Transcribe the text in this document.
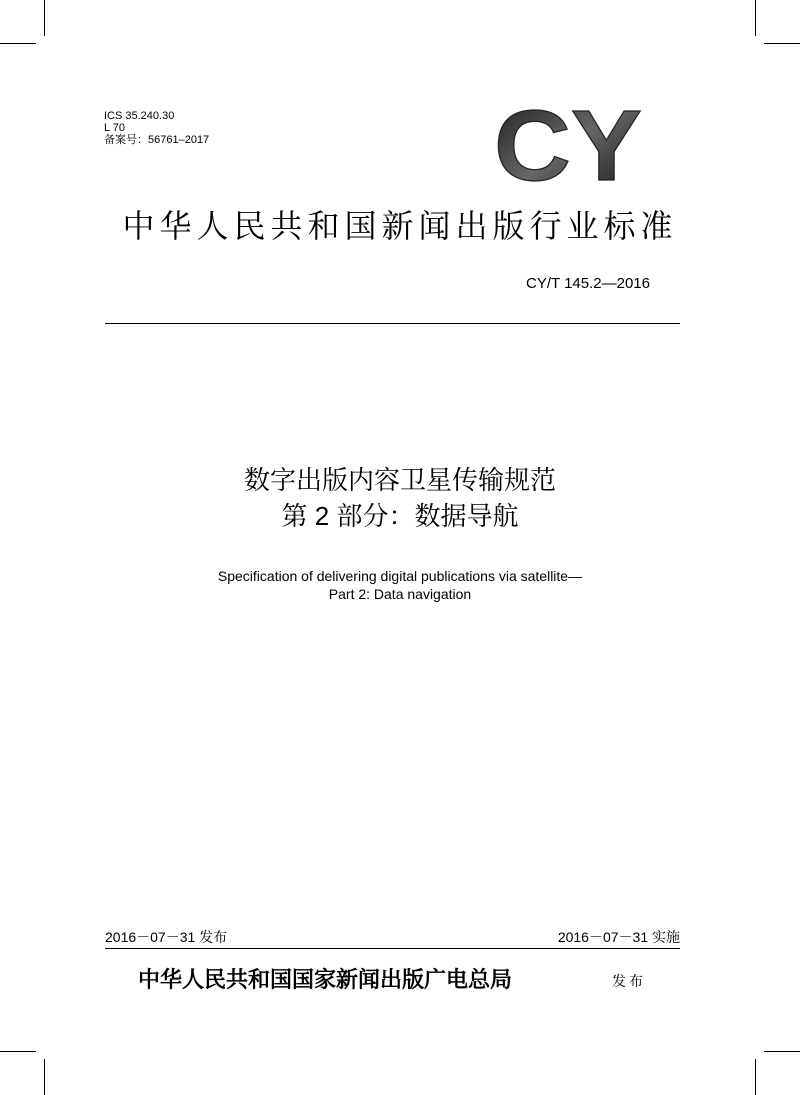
ICS 35.240.30
L 70
备案号：56761–2017	CY
中华人民共和国新闻出版行业标准
CY/T 145.2—2016
数字出版内容卫星传输规范
第 2 部分：数据导航
Specification of delivering digital publications via satellite—
Part 2: Data navigation
2016－07－31 发布	2016－07－31 实施
中华人民共和国国家新闻出版广电总局	发布
